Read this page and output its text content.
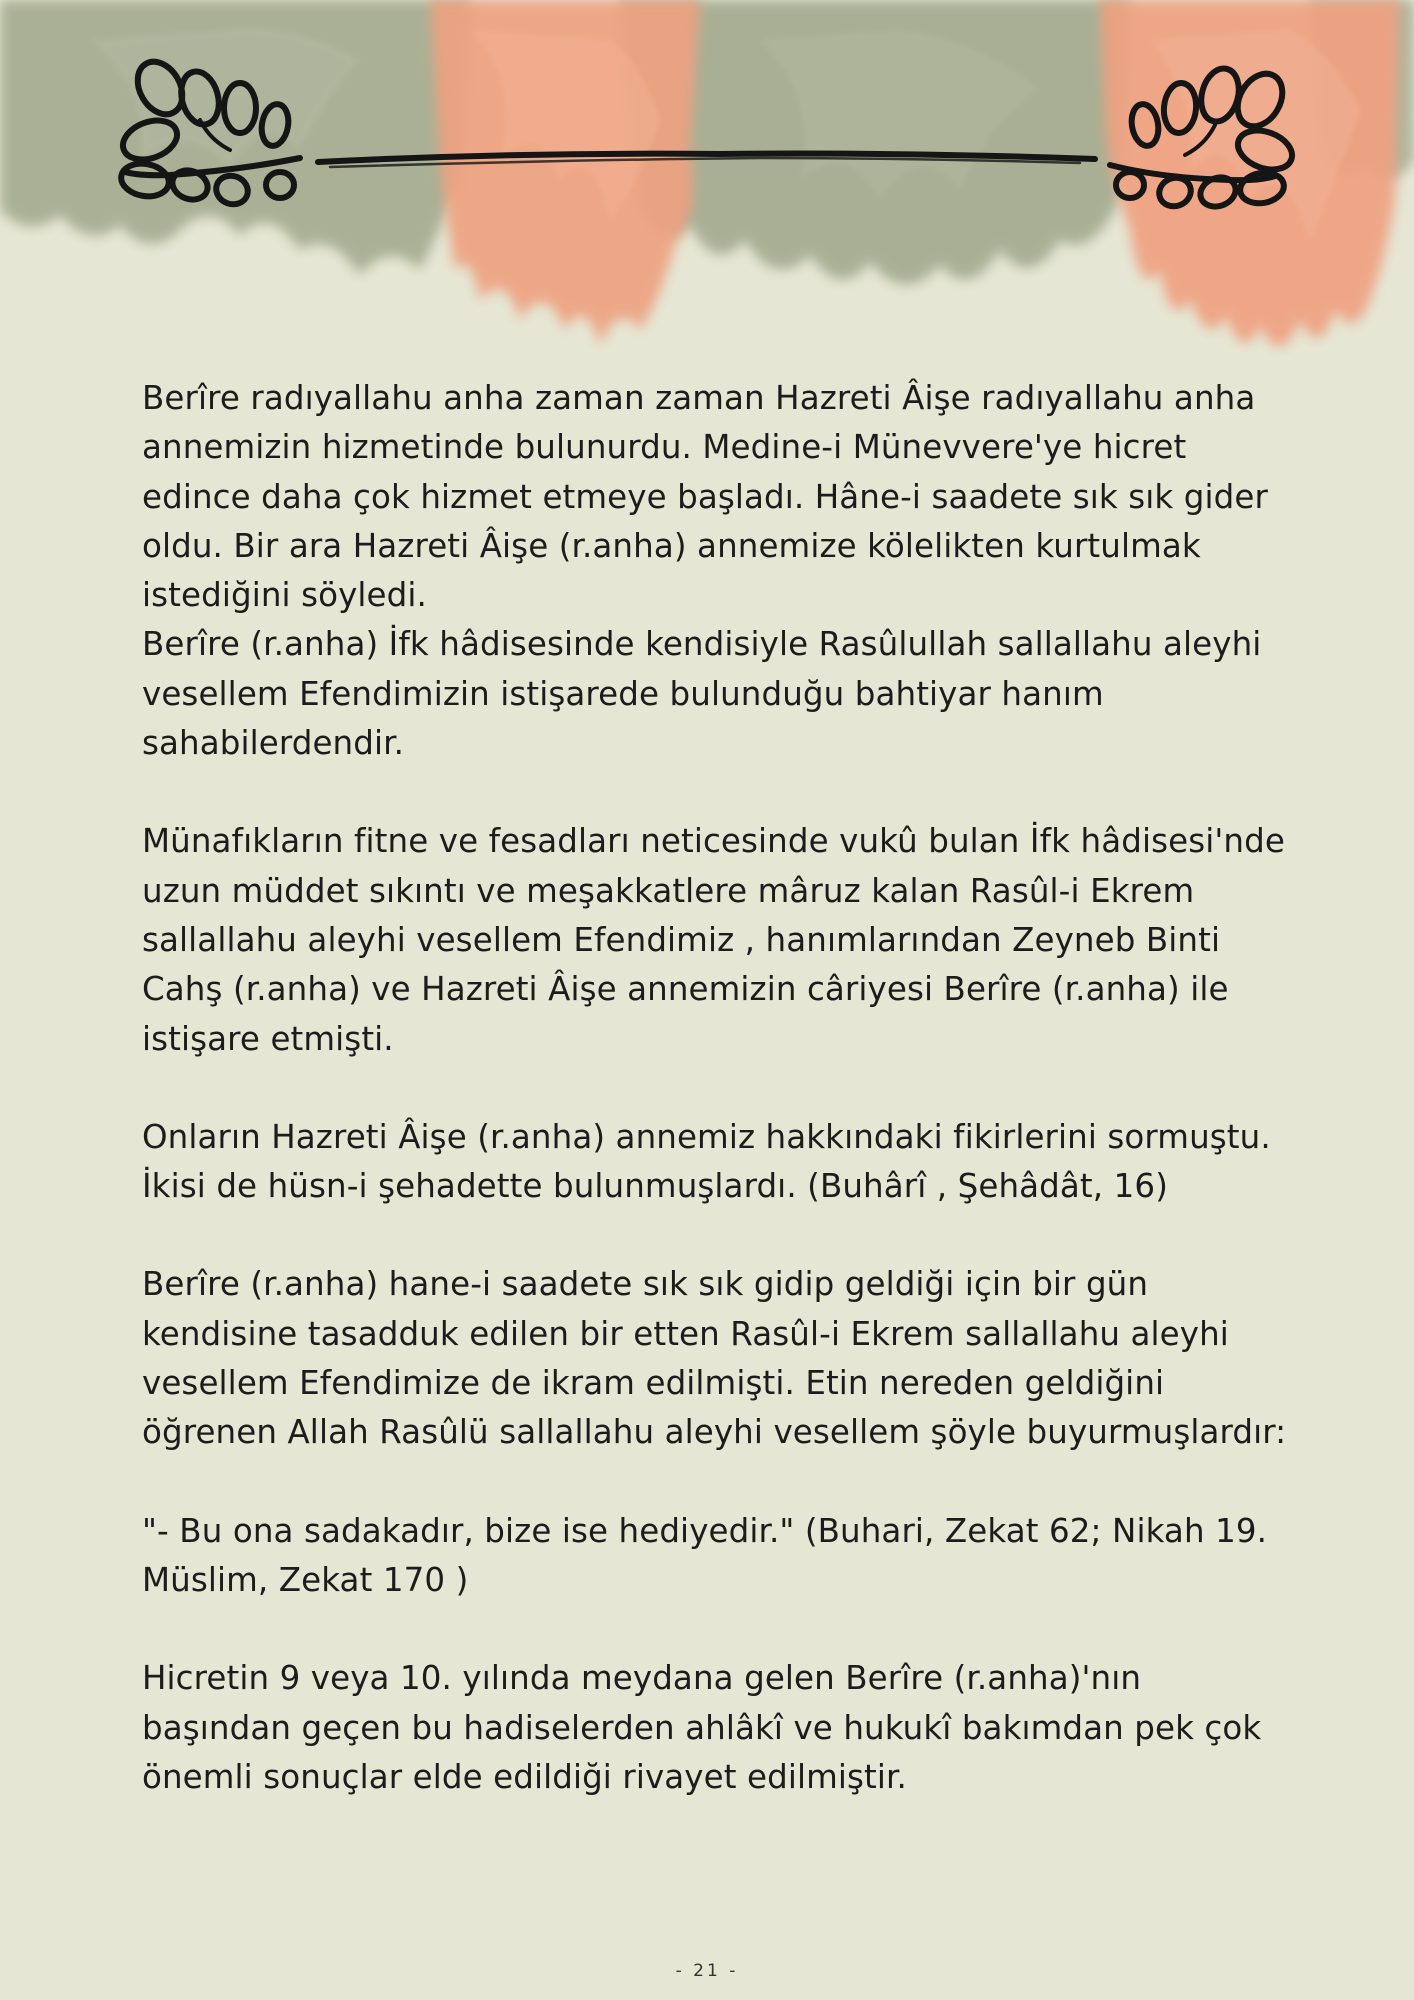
Berîre radıyallahu anha zaman zaman Hazreti Âişe radıyallahu anha
annemizin hizmetinde bulunurdu. Medine-i Münevvere'ye hicret
edince daha çok hizmet etmeye başladı. Hâne-i saadete sık sık gider
oldu. Bir ara Hazreti Âişe (r.anha) annemize kölelikten kurtulmak
istediğini söyledi.

Berîre (r.anha) İfk hâdisesinde kendisiyle Rasûlullah sallallahu aleyhi
vesellem Efendimizin istişarede bulunduğu bahtiyar hanım
sahabilerdendir.

Münafıkların fitne ve fesadları neticesinde vukû bulan İfk hâdisesi'nde
uzun müddet sıkıntı ve meşakkatlere mâruz kalan Rasûl-i Ekrem
sallallahu aleyhi vesellem Efendimiz , hanımlarından Zeyneb Binti
Cahş (r.anha) ve Hazreti Âişe annemizin câriyesi Berîre (r.anha) ile
istişare etmişti.

Onların Hazreti Âişe (r.anha) annemiz hakkındaki fikirlerini sormuştu.
İkisi de hüsn-i şehadette bulunmuşlardı. (Buhârî , Şehâdât, 16)

Berîre (r.anha) hane-i saadete sık sık gidip geldiği için bir gün
kendisine tasadduk edilen bir etten Rasûl-i Ekrem sallallahu aleyhi
vesellem Efendimize de ikram edilmişti. Etin nereden geldiğini
öğrenen Allah Rasûlü sallallahu aleyhi vesellem şöyle buyurmuşlardır:

"- Bu ona sadakadır, bize ise hediyedir." (Buhari, Zekat 62; Nikah 19.
Müslim, Zekat 170 )

Hicretin 9 veya 10. yılında meydana gelen Berîre (r.anha)'nın
başından geçen bu hadiselerden ahlâkî ve hukukî bakımdan pek çok
önemli sonuçlar elde edildiği rivayet edilmiştir.

- 21 -
